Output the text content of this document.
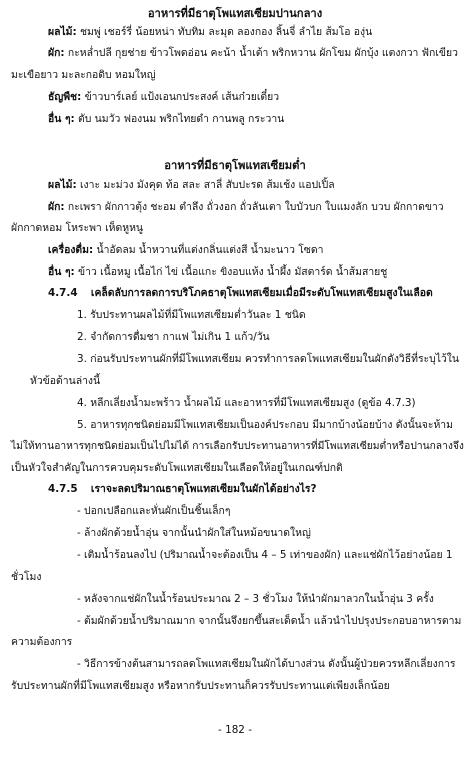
อาหารที่มีธาตุโพแทสเซียมปานกลาง
ผลไม้: ชมพู่ เชอร์รี่ น้อยหน่า ทับทิม ละมุด ลองกอง ลิ้นจี่ ลำไย ส้มโอ องุ่น
ผัก: กะหล่ำปลี กุยช่าย ข้าวโพดอ่อน คะน้า น้ำเต้า พริกหวาน ผักโขม ผักบุ้ง แตงกวา ฟักเขียว
มะเขือยาว มะละกอดิบ หอมใหญ่
ธัญพืช: ข้าวบาร์เลย์ แป้งเอนกประสงค์ เส้นก๋วยเตี๋ยว
อื่น ๆ: ตับ นมวัว ฟองนม พริกไทยดำ กานพลู กระวาน
อาหารที่มีธาตุโพแทสเซียมต่ำ
ผลไม้: เงาะ มะม่วง มังคุด ท้อ สละ สาลี่ สับปะรด ส้มเช้ง แอปเปิ้ล
ผัก: กะเพรา ผักกาวตุ้ง ชะอม ตำลึง ถั่วงอก ถั่วลันเตา ใบบัวบก ใบแมงลัก บวบ ผักกาดขาว
ผักกาดหอม โหระพา เห็ดหูหนู
เครื่องดื่ม: น้ำอัดลม น้ำหวานที่แต่งกลิ่นแต่งสี น้ำมะนาว โซดา
อื่น ๆ: ข้าว เนื้อหมู เนื้อไก่ ไข่ เนื้อแกะ ขิงอบแห้ง น้ำผึ้ง มัสตาร์ด น้ำส้มสายชู
4.7.4 เคล็ดลับการลดการบริโภคธาตุโพแทสเซียมเมื่อมีระดับโพแทสเซียมสูงในเลือด
1. รับประทานผลไม้ที่มีโพแทสเซียมต่ำวันละ 1 ชนิด
2. จำกัดการดื่มชา กาแฟ ไม่เกิน 1 แก้ว/วัน
3. ก่อนรับประทานผักที่มีโพแทสเซียม ควรทำการลดโพแทสเซียมในผักดังวิธีที่ระบุไว้ใน
หัวข้อด้านล่างนี้
4. หลีกเลี่ยงน้ำมะพร้าว น้ำผลไม้ และอาหารที่มีโพแทสเซียมสูง (ดูข้อ 4.7.3)
5. อาหารทุกชนิดย่อมมีโพแทสเซียมเป็นองค์ประกอบ มีมากบ้างน้อยบ้าง ดังนั้นจะห้าม
ไม่ให้ทานอาหารทุกชนิดย่อมเป็นไปไม่ได้ การเลือกรับประทานอาหารที่มีโพแทสเซียมต่ำหรือปานกลางจึง
เป็นหัวใจสำคัญในการควบคุมระดับโพแทสเซียมในเลือดให้อยู่ในเกณฑ์ปกติ
4.7.5 เราจะลดปริมาณธาตุโพแทสเซียมในผักได้อย่างไร?
- ปอกเปลือกและหั่นผักเป็นชิ้นเล็กๆ
- ล้างผักด้วยน้ำอุ่น จากนั้นนำผักใส่ในหม้อขนาดใหญ่
- เติมน้ำร้อนลงไป (ปริมาณน้ำจะต้องเป็น 4 – 5 เท่าของผัก) และแช่ผักไว้อย่างน้อย 1
ชั่วโมง
- หลังจากแช่ผักในน้ำร้อนประมาณ 2 – 3 ชั่วโมง ให้นำผักมาลวกในน้ำอุ่น 3 ครั้ง
- ต้มผักด้วยน้ำปริมาณมาก จากนั้นจึงยกขึ้นสะเด็ดน้ำ แล้วนำไปปรุงประกอบอาหารตาม
ความต้องการ
- วิธีการข้างต้นสามารถลดโพแทสเซียมในผักได้บางส่วน ดังนั้นผู้ป่วยควรหลีกเลี่ยงการ
รับประทานผักที่มีโพแทสเซียมสูง หรือหากรับประทานก็ควรรับประทานแต่เพียงเล็กน้อย
- 182 -
